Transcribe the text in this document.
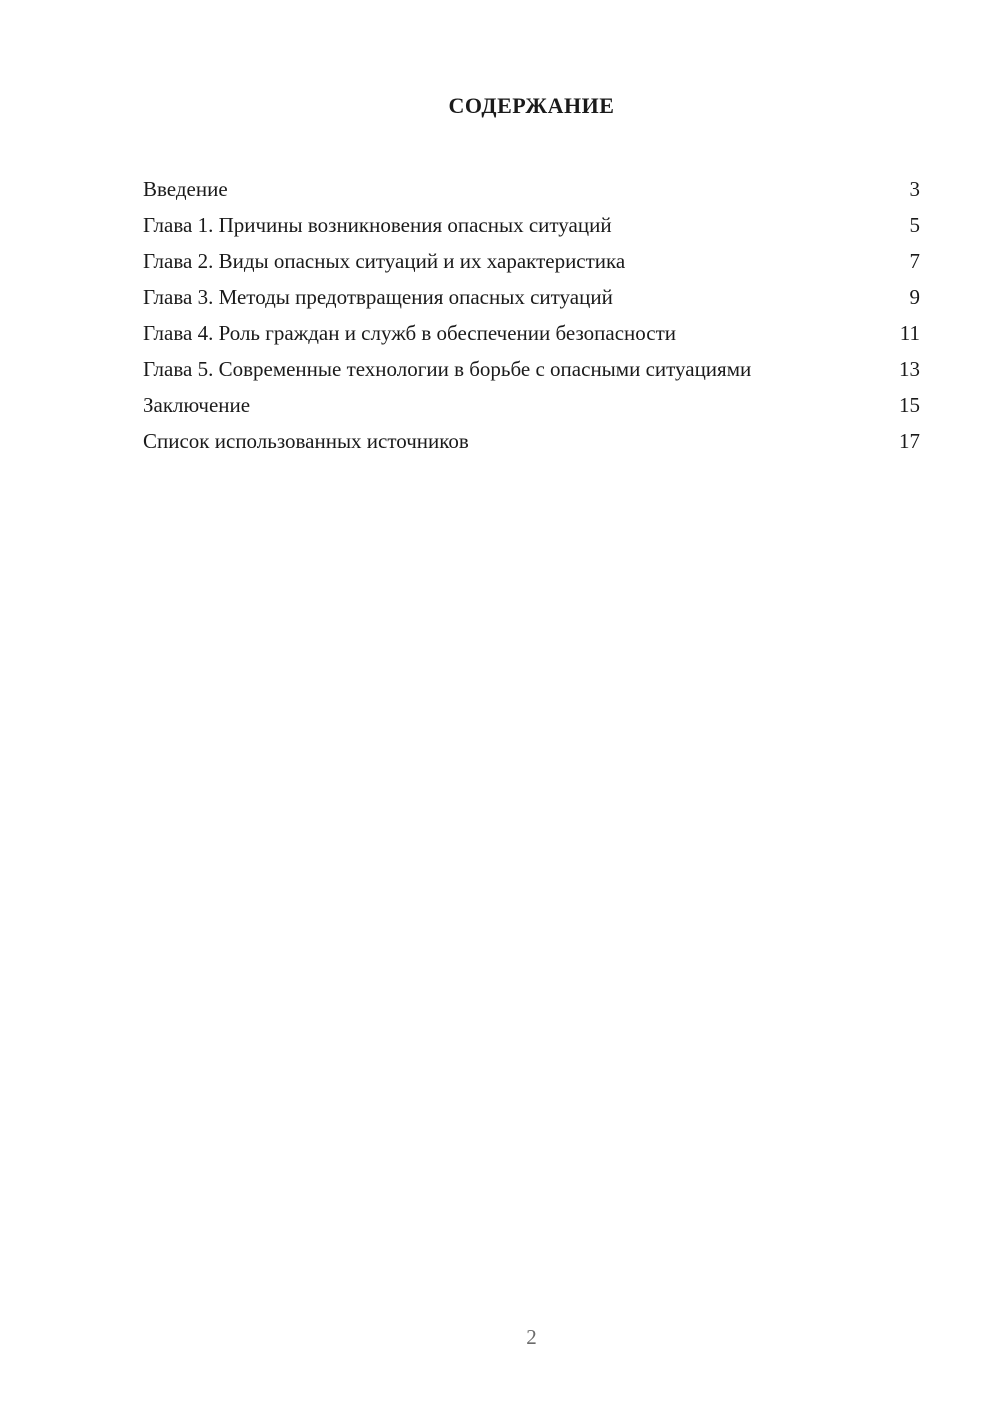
СОДЕРЖАНИЕ
Введение	3
Глава 1. Причины возникновения опасных ситуаций	5
Глава 2. Виды опасных ситуаций и их характеристика	7
Глава 3. Методы предотвращения опасных ситуаций	9
Глава 4. Роль граждан и служб в обеспечении безопасности	11
Глава 5. Современные технологии в борьбе с опасными ситуациями	13
Заключение	15
Список использованных источников	17
2
